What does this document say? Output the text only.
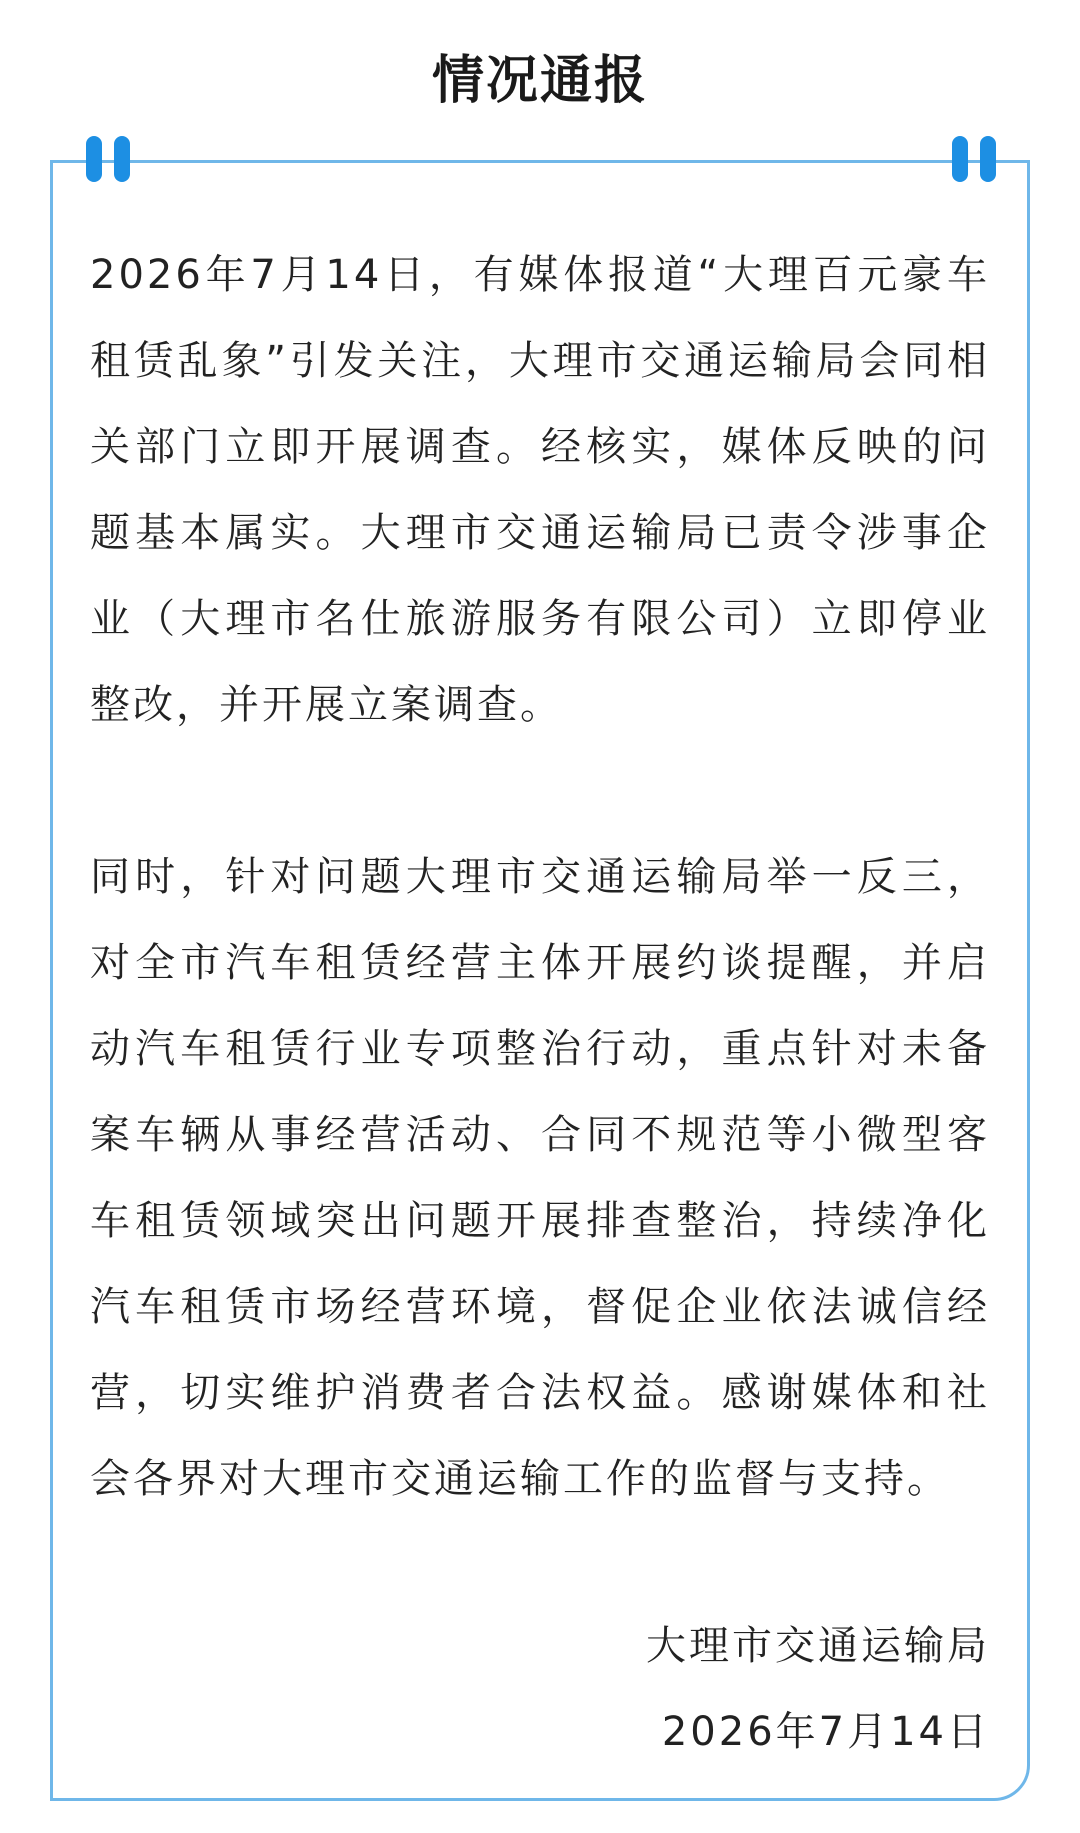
情况通报

2026年7月14日，有媒体报道“大理百元豪车租赁乱象”引发关注，大理市交通运输局会同相关部门立即开展调查。经核实，媒体反映的问题基本属实。大理市交通运输局已责令涉事企业（大理市名仕旅游服务有限公司）立即停业整改，并开展立案调查。

同时，针对问题大理市交通运输局举一反三，对全市汽车租赁经营主体开展约谈提醒，并启动汽车租赁行业专项整治行动，重点针对未备案车辆从事经营活动、合同不规范等小微型客车租赁领域突出问题开展排查整治，持续净化汽车租赁市场经营环境，督促企业依法诚信经营，切实维护消费者合法权益。感谢媒体和社会各界对大理市交通运输工作的监督与支持。

大理市交通运输局
2026年7月14日
